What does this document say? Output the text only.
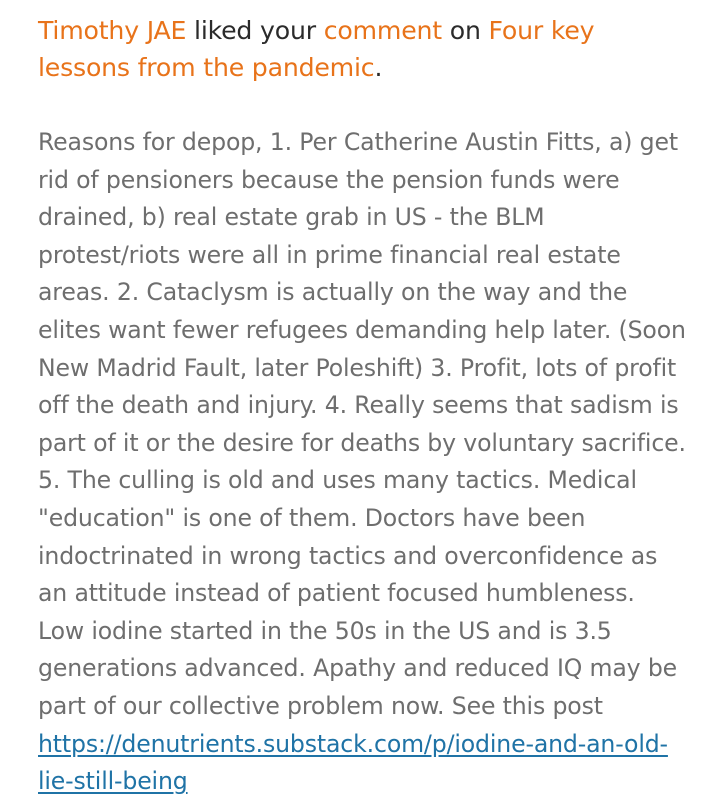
Timothy JAE liked your comment on Four key lessons from the pandemic.

Reasons for depop, 1. Per Catherine Austin Fitts, a) get rid of pensioners because the pension funds were drained, b) real estate grab in US - the BLM protest/riots were all in prime financial real estate areas. 2. Cataclysm is actually on the way and the elites want fewer refugees demanding help later. (Soon New Madrid Fault, later Poleshift) 3. Profit, lots of profit off the death and injury. 4. Really seems that sadism is part of it or the desire for deaths by voluntary sacrifice. 5. The culling is old and uses many tactics. Medical "education" is one of them. Doctors have been indoctrinated in wrong tactics and overconfidence as an attitude instead of patient focused humbleness. Low iodine started in the 50s in the US and is 3.5 generations advanced. Apathy and reduced IQ may be part of our collective problem now. See this post https://denutrients.substack.com/p/iodine-and-an-old-lie-still-being
